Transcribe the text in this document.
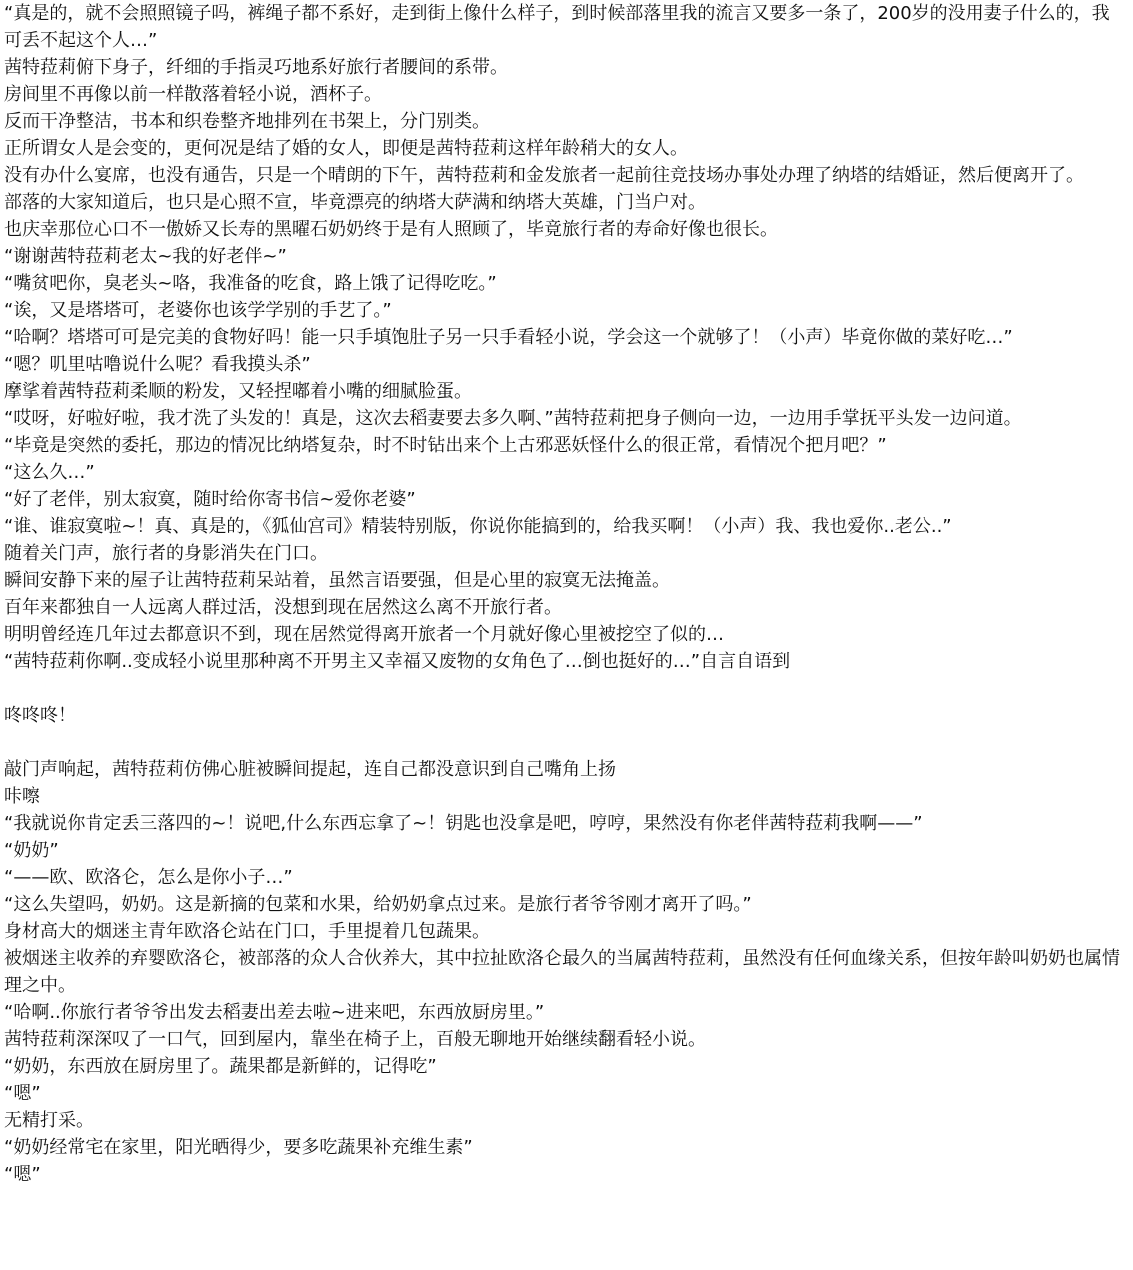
“真是的，就不会照照镜子吗，裤绳子都不系好，走到街上像什么样子，到时候部落里我的流言又要多一条了，200岁的没用妻子什么的，我可丢不起这个人…”

茜特菈莉俯下身子，纤细的手指灵巧地系好旅行者腰间的系带。

房间里不再像以前一样散落着轻小说，酒杯子。

反而干净整洁，书本和织卷整齐地排列在书架上，分门别类。

正所谓女人是会变的，更何况是结了婚的女人，即便是茜特菈莉这样年龄稍大的女人。

没有办什么宴席，也没有通告，只是一个晴朗的下午，茜特菈莉和金发旅者一起前往竞技场办事处办理了纳塔的结婚证，然后便离开了。

部落的大家知道后，也只是心照不宣，毕竟漂亮的纳塔大萨满和纳塔大英雄，门当户对。

也庆幸那位心口不一傲娇又长寿的黑曜石奶奶终于是有人照顾了，毕竟旅行者的寿命好像也很长。

“谢谢茜特菈莉老太~我的好老伴~”

“嘴贫吧你，臭老头~咯，我准备的吃食，路上饿了记得吃吃。”

“诶，又是塔塔可，老婆你也该学学别的手艺了。”

“哈啊？塔塔可可是完美的食物好吗！能一只手填饱肚子另一只手看轻小说，学会这一个就够了！（小声）毕竟你做的菜好吃…”

“嗯？叽里咕噜说什么呢？看我摸头杀”

摩挲着茜特菈莉柔顺的粉发，又轻捏嘟着小嘴的细腻脸蛋。

“哎呀，好啦好啦，我才洗了头发的！真是，这次去稻妻要去多久啊、”茜特菈莉把身子侧向一边，一边用手掌抚平头发一边问道。

“毕竟是突然的委托，那边的情况比纳塔复杂，时不时钻出来个上古邪恶妖怪什么的很正常，看情况个把月吧？”

“这么久…”

“好了老伴，别太寂寞，随时给你寄书信~爱你老婆”

“谁、谁寂寞啦~！真、真是的，《狐仙宫司》精装特别版，你说你能搞到的，给我买啊！（小声）我、我也爱你..老公..”

随着关门声，旅行者的身影消失在门口。

瞬间安静下来的屋子让茜特菈莉呆站着，虽然言语要强，但是心里的寂寞无法掩盖。

百年来都独自一人远离人群过活，没想到现在居然这么离不开旅行者。

明明曾经连几年过去都意识不到，现在居然觉得离开旅者一个月就好像心里被挖空了似的…

“茜特菈莉你啊..变成轻小说里那种离不开男主又幸福又废物的女角色了…倒也挺好的…”自言自语到

咚咚咚！

敲门声响起，茜特菈莉仿佛心脏被瞬间提起，连自己都没意识到自己嘴角上扬

咔嚓

“我就说你肯定丢三落四的~！说吧,什么东西忘拿了~！钥匙也没拿是吧，哼哼，果然没有你老伴茜特菈莉我啊——”

“奶奶”

“——欧、欧洛仑，怎么是你小子…”

“这么失望吗，奶奶。这是新摘的包菜和水果，给奶奶拿点过来。是旅行者爷爷刚才离开了吗。”

身材高大的烟迷主青年欧洛仑站在门口，手里提着几包蔬果。

被烟迷主收养的弃婴欧洛仑，被部落的众人合伙养大，其中拉扯欧洛仑最久的当属茜特菈莉，虽然没有任何血缘关系，但按年龄叫奶奶也属情理之中。

“哈啊..你旅行者爷爷出发去稻妻出差去啦~进来吧，东西放厨房里。”

茜特菈莉深深叹了一口气，回到屋内，靠坐在椅子上，百般无聊地开始继续翻看轻小说。

“奶奶，东西放在厨房里了。蔬果都是新鲜的，记得吃”

“嗯”

无精打采。

“奶奶经常宅在家里，阳光晒得少，要多吃蔬果补充维生素”

“嗯”
